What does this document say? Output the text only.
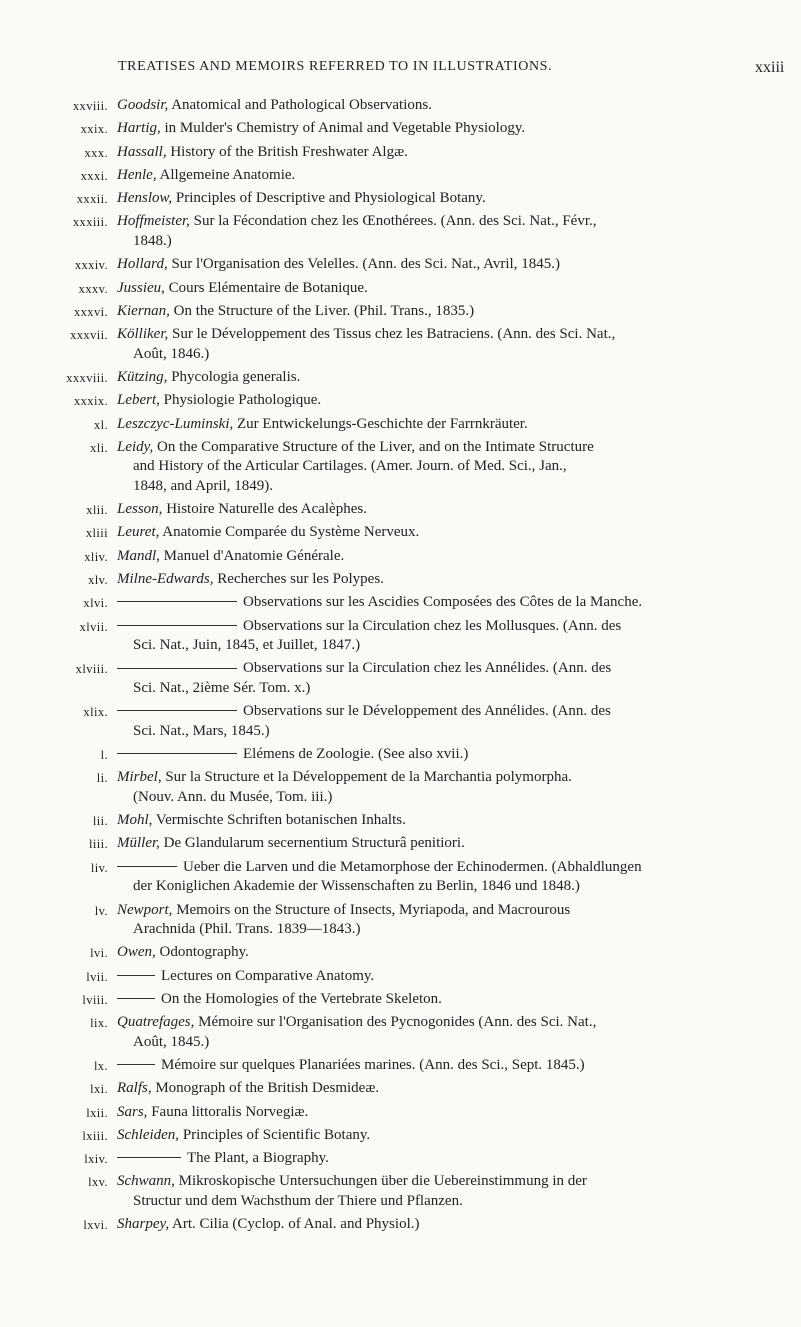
TREATISES AND MEMOIRS REFERRED TO IN ILLUSTRATIONS.	xxiii
xxviii. Goodsir, Anatomical and Pathological Observations.
xxix. Hartig, in Mulder's Chemistry of Animal and Vegetable Physiology.
xxx. Hassall, History of the British Freshwater Algæ.
xxxi. Henle, Allgemeine Anatomie.
xxxii. Henslow, Principles of Descriptive and Physiological Botany.
xxxiii. Hoffmeister, Sur la Fécondation chez les Œnothérees. (Ann. des Sci. Nat., Févr.,
1848.)
xxxiv. Hollard, Sur l'Organisation des Velelles. (Ann. des Sci. Nat., Avril, 1845.)
xxxv. Jussieu, Cours Elémentaire de Botanique.
xxxvi. Kiernan, On the Structure of the Liver. (Phil. Trans., 1835.)
xxxvii. Kölliker, Sur le Développement des Tissus chez les Batraciens. (Ann. des Sci. Nat.,
Août, 1846.)
xxxviii. Kützing, Phycologia generalis.
xxxix. Lebert, Physiologie Pathologique.
xl. Leszczyc-Luminski, Zur Entwickelungs-Geschichte der Farrnkräuter.
xli. Leidy, On the Comparative Structure of the Liver, and on the Intimate Structure
and History of the Articular Cartilages. (Amer. Journ. of Med. Sci., Jan.,
1848, and April, 1849).
xlii. Lesson, Histoire Naturelle des Acalèphes.
xliii Leuret, Anatomie Comparée du Système Nerveux.
xliv. Mandl, Manuel d'Anatomie Générale.
xlv. Milne-Edwards, Recherches sur les Polypes.
xlvi.	Observations sur les Ascidies Composées des Côtes de la Manche.
xlvii.	Observations sur la Circulation chez les Mollusques. (Ann. des
Sci. Nat., Juin, 1845, et Juillet, 1847.)
xlviii.	Observations sur la Circulation chez les Annélides. (Ann. des
Sci. Nat., 2ième Sér. Tom. x.)
xlix.	Observations sur le Développement des Annélides. (Ann. des
Sci. Nat., Mars, 1845.)
l.	Elémens de Zoologie. (See also xvii.)
li. Mirbel, Sur la Structure et la Développement de la Marchantia polymorpha.
(Nouv. Ann. du Musée, Tom. iii.)
lii. Mohl, Vermischte Schriften botanischen Inhalts.
liii. Müller, De Glandularum secernentium Structurâ penitiori.
liv.	Ueber die Larven und die Metamorphose der Echinodermen. (Abhaldlungen
der Koniglichen Akademie der Wissenschaften zu Berlin, 1846 und 1848.)
lv. Newport, Memoirs on the Structure of Insects, Myriapoda, and Macrourous
Arachnida (Phil. Trans. 1839—1843.)
lvi. Owen, Odontography.
lvii.	Lectures on Comparative Anatomy.
lviii.	On the Homologies of the Vertebrate Skeleton.
lix. Quatrefages, Mémoire sur l'Organisation des Pycnogonides (Ann. des Sci. Nat.,
Août, 1845.)
lx.	Mémoire sur quelques Planariées marines. (Ann. des Sci., Sept. 1845.)
lxi. Ralfs, Monograph of the British Desmideæ.
lxii. Sars, Fauna littoralis Norvegiæ.
lxiii. Schleiden, Principles of Scientific Botany.
lxiv.	The Plant, a Biography.
lxv. Schwann, Mikroskopische Untersuchungen über die Uebereinstimmung in der
Structur und dem Wachsthum der Thiere und Pflanzen.
lxvi. Sharpey, Art. Cilia (Cyclop. of Anal. and Physiol.)
